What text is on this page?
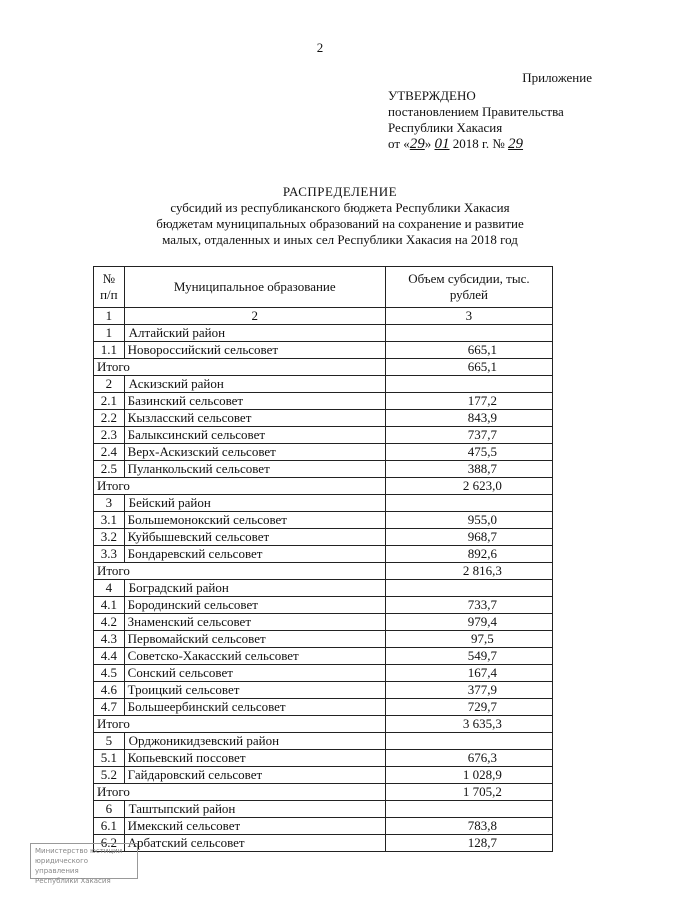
2
Приложение
УТВЕРЖДЕНО
постановлением Правительства
Республики Хакасия
от «29» 01 2018 г. № 29
РАСПРЕДЕЛЕНИЕ
субсидий из республиканского бюджета Республики Хакасия
бюджетам муниципальных образований на сохранение и развитие
малых, отдаленных и иных сел Республики Хакасия на 2018 год
№ п/п	Муниципальное образование	Объем субсидии, тыс. рублей
1	2	3
1	Алтайский район	
1.1	Новороссийский сельсовет	665,1
Итого		665,1
2	Аскизский район	
2.1	Базинский сельсовет	177,2
2.2	Кызласский сельсовет	843,9
2.3	Балыксинский сельсовет	737,7
2.4	Верх-Аскизский сельсовет	475,5
2.5	Пуланкольский сельсовет	388,7
Итого		2 623,0
3	Бейский район	
3.1	Большемонокский сельсовет	955,0
3.2	Куйбышевский сельсовет	968,7
3.3	Бондаревский сельсовет	892,6
Итого		2 816,3
4	Боградский район	
4.1	Бородинский сельсовет	733,7
4.2	Знаменский сельсовет	979,4
4.3	Первомайский сельсовет	97,5
4.4	Советско-Хакасский сельсовет	549,7
4.5	Сонский сельсовет	167,4
4.6	Троицкий сельсовет	377,9
4.7	Большеербинский сельсовет	729,7
Итого		3 635,3
5	Орджоникидзевский район	
5.1	Копьевский поссовет	676,3
5.2	Гайдаровский сельсовет	1 028,9
Итого		1 705,2
6	Таштыпский район	
6.1	Имекский сельсовет	783,8
6.2	Арбатский сельсовет	128,7
Министерство юстиции
юридического управления
Республики Хакасия
